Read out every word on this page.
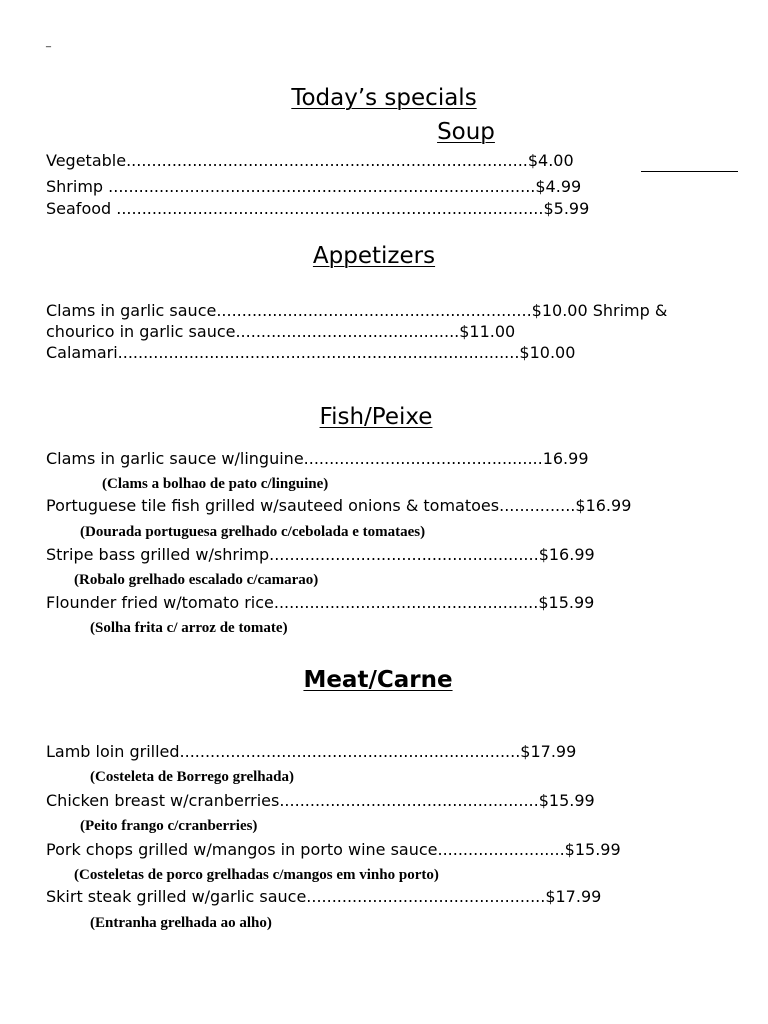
_
Today’s specials
Soup
Vegetable...............................................................................$4.00
Shrimp ....................................................................................$4.99
Seafood ....................................................................................$5.99
Appetizers
Clams in garlic sauce..............................................................$10.00 Shrimp &
chourico in garlic sauce............................................$11.00
Calamari...............................................................................$10.00
Fish/Peixe
Clams in garlic sauce w/linguine...............................................16.99
(Clams a bolhao de pato c/linguine)
Portuguese tile fish grilled w/sauteed onions & tomatoes...............$16.99
(Dourada portuguesa grelhado c/cebolada e tomataes)
Stripe bass grilled w/shrimp.....................................................$16.99
(Robalo grelhado escalado c/camarao)
Flounder fried w/tomato rice....................................................$15.99
(Solha frita c/ arroz de tomate)
Meat/Carne
Lamb loin grilled...................................................................$17.99
(Costeleta de Borrego grelhada)
Chicken breast w/cranberries...................................................$15.99
(Peito frango c/cranberries)
Pork chops grilled w/mangos in porto wine sauce.........................$15.99
(Costeletas de porco grelhadas c/mangos em vinho porto)
Skirt steak grilled w/garlic sauce...............................................$17.99
(Entranha grelhada ao alho)
